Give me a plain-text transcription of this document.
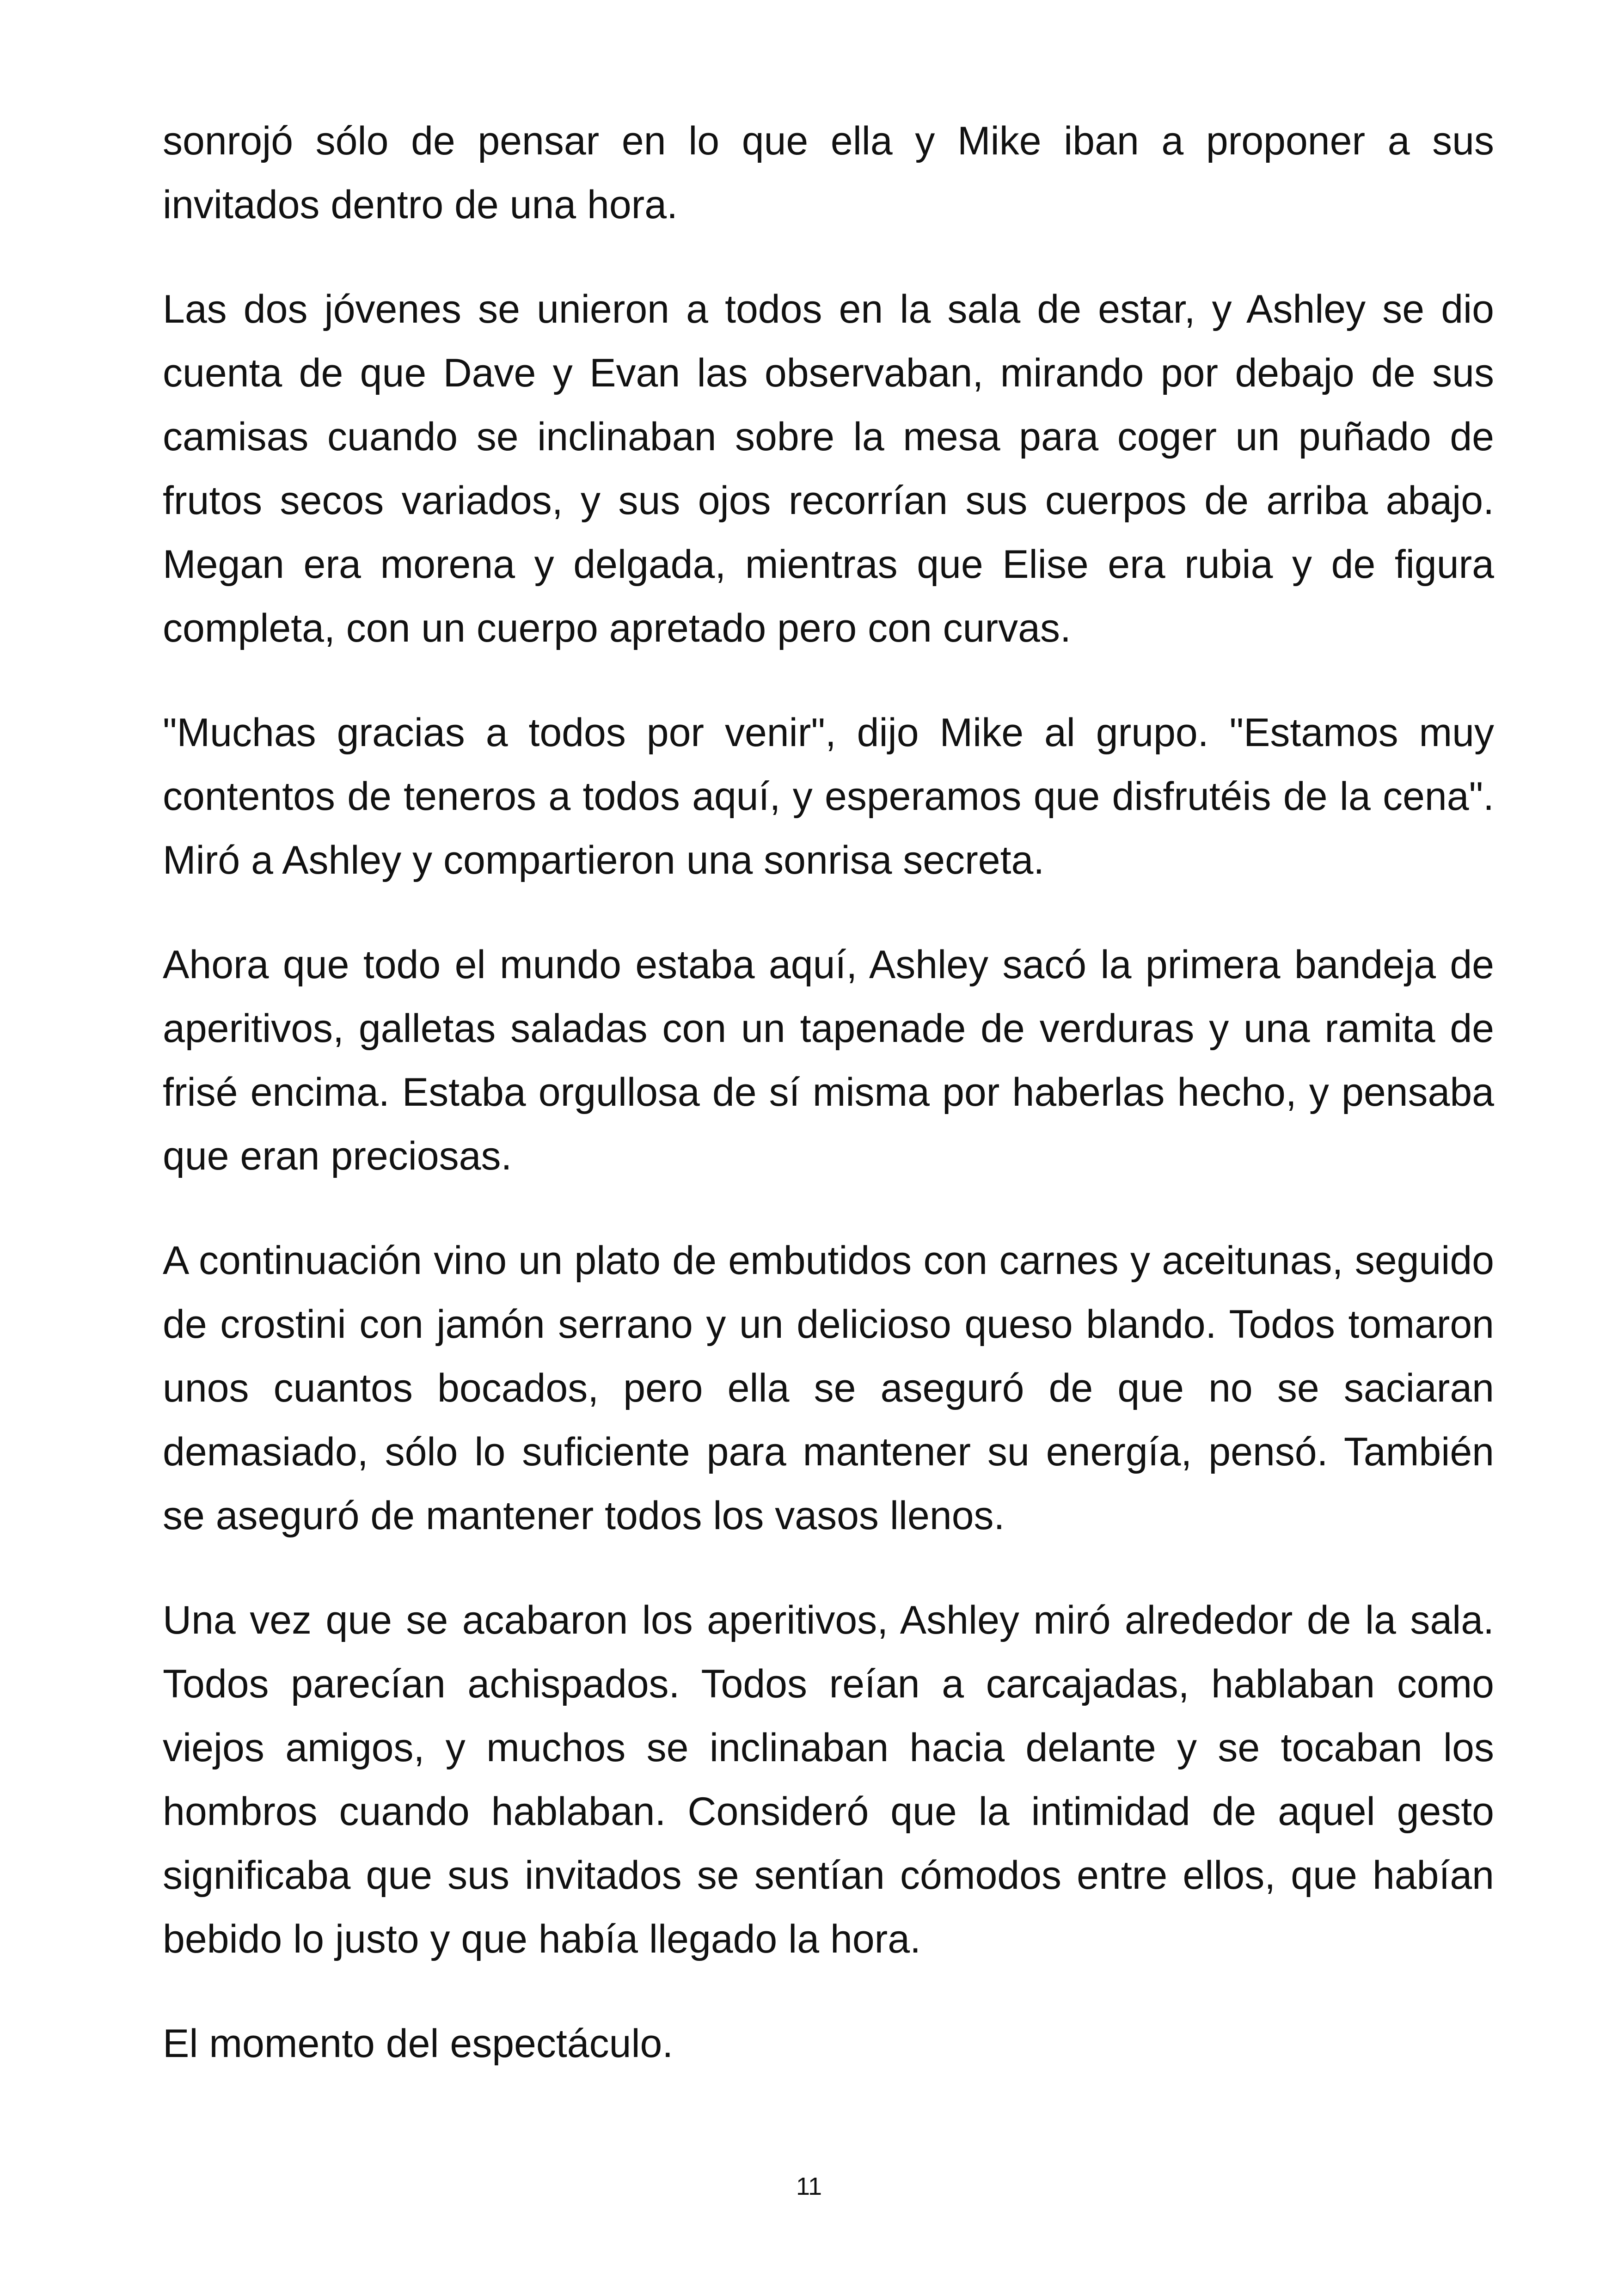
sonrojó sólo de pensar en lo que ella y Mike iban a proponer a sus invitados dentro de una hora.

Las dos jóvenes se unieron a todos en la sala de estar, y Ashley se dio cuenta de que Dave y Evan las observaban, mirando por debajo de sus camisas cuando se inclinaban sobre la mesa para coger un puñado de frutos secos variados, y sus ojos recorrían sus cuerpos de arriba abajo. Megan era morena y delgada, mientras que Elise era rubia y de figura completa, con un cuerpo apretado pero con curvas.

"Muchas gracias a todos por venir", dijo Mike al grupo. "Estamos muy contentos de teneros a todos aquí, y esperamos que disfrutéis de la cena". Miró a Ashley y compartieron una sonrisa secreta.

Ahora que todo el mundo estaba aquí, Ashley sacó la primera bandeja de aperitivos, galletas saladas con un tapenade de verduras y una ramita de frisé encima. Estaba orgullosa de sí misma por haberlas hecho, y pensaba que eran preciosas.

A continuación vino un plato de embutidos con carnes y aceitunas, seguido de crostini con jamón serrano y un delicioso queso blando. Todos tomaron unos cuantos bocados, pero ella se aseguró de que no se saciaran demasiado, sólo lo suficiente para mantener su energía, pensó. También se aseguró de mantener todos los vasos llenos.

Una vez que se acabaron los aperitivos, Ashley miró alrededor de la sala. Todos parecían achispados. Todos reían a carcajadas, hablaban como viejos amigos, y muchos se inclinaban hacia delante y se tocaban los hombros cuando hablaban. Consideró que la intimidad de aquel gesto significaba que sus invitados se sentían cómodos entre ellos, que habían bebido lo justo y que había llegado la hora.

El momento del espectáculo.

11
